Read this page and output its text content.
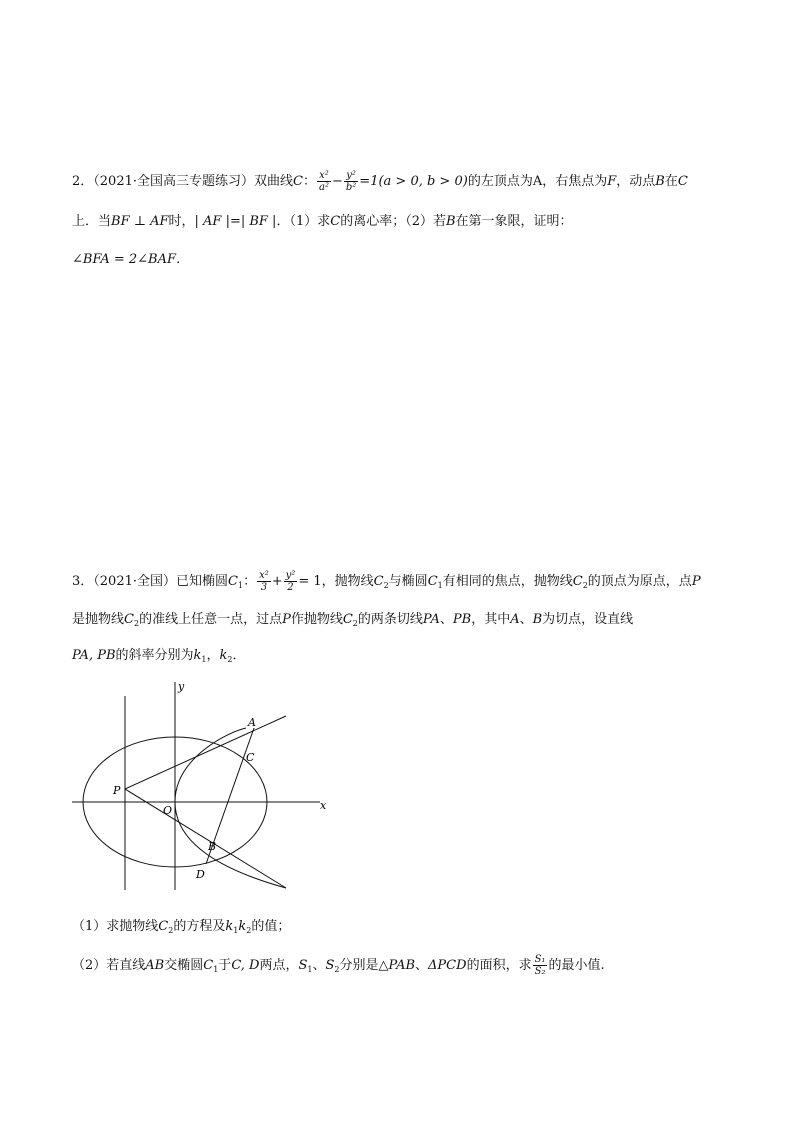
2．（2021·全国高三专题练习）双曲线C： $\frac{\text{x²}}{\text{a²}} - \frac{\text{y²}}{\text{b²}} =1(a > 0$, b > 0)的左顶点为A，右焦点为F，动点B在C
上．当BF ⊥ AF时，| AF |=| BF |．（1）求C的离心率；（2）若B在第一象限，证明：
∠BFA = 2∠BAF．
3．（2021·全国）已知椭圆$C_1$： $\frac{\text{x²}}{3} + \frac{\text{y²}}{2} = 1$，抛物线$C_2$与椭圆$C_1$有相同的焦点，抛物线$C_2$的顶点为原点，点P
是抛物线$C_2$的准线上任意一点，过点P作抛物线$C_2$的两条切线PA、PB，其中A、B为切点，设直线
PA, PB的斜率分别为$k_1$，$k_2$．
y
x
A
C
P
O
B
D
（1）求抛物线$C_2$的方程及$k_1k_2$的值；
（2）若直线AB交椭圆$C_1$于C, D两点，$S_1$、$S_2$分别是△PAB、ΔPCD的面积，求 $\frac{\text{S₁}}{\text{S₂}}$ 的最小值.
